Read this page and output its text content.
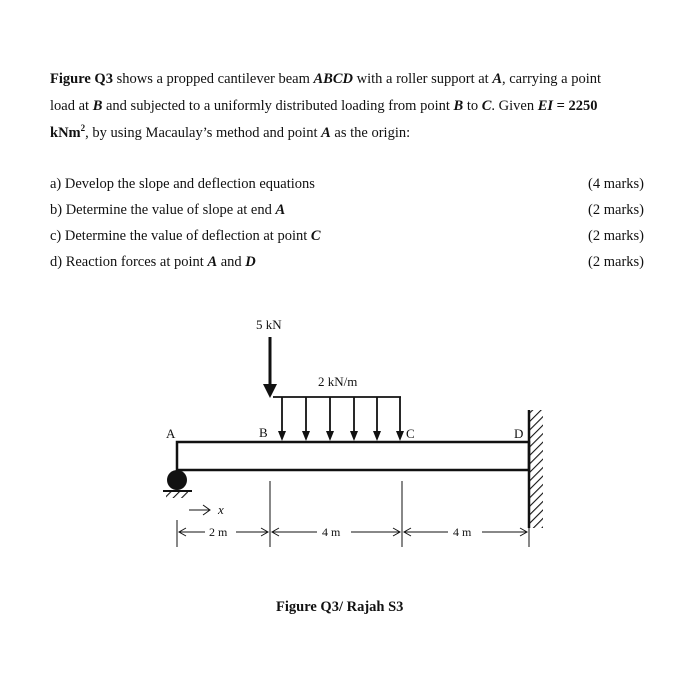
Figure Q3 shows a propped cantilever beam ABCD with a roller support at A, carrying a point

load at B and subjected to a uniformly distributed loading from point B to C. Given EI = 2250

kNm$^2$, by using Macaulay’s method and point A as the origin:

a) Develop the slope and deflection equations	(4 marks)
b) Determine the value of slope at end A	(2 marks)
c) Determine the value of deflection at point C	(2 marks)
d) Reaction forces at point A and D	(2 marks)
5 kN
2 kN/m
A	B	C	D
x
2 m	4 m	4 m
Figure Q3/ Rajah S3
